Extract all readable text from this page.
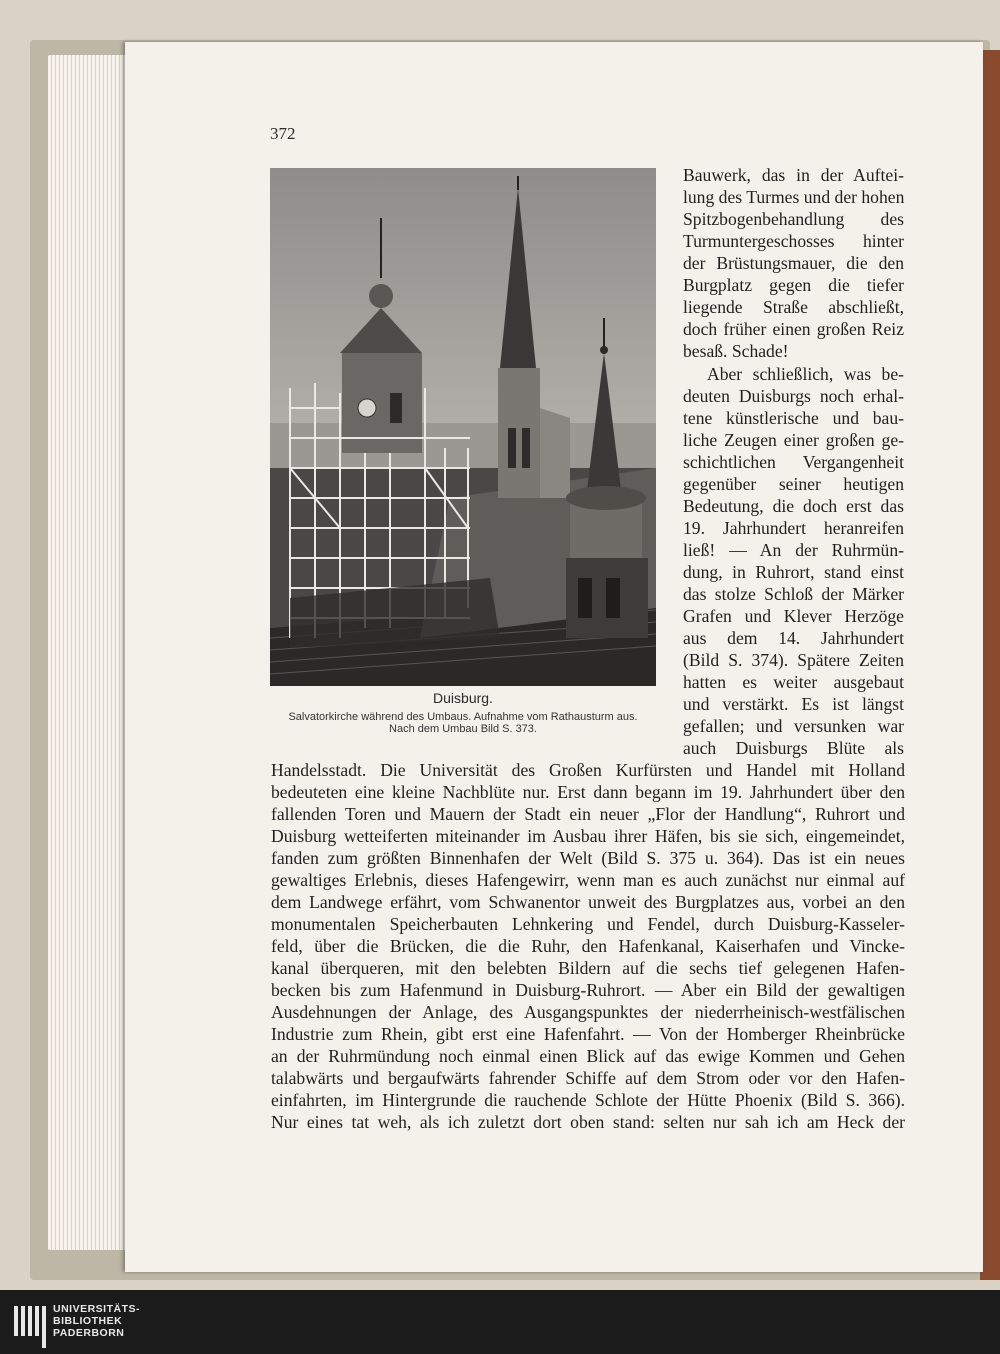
372
Duisburg.
Salvatorkirche während des Umbaus. Aufnahme vom Rathausturm aus.
Nach dem Umbau Bild S. 373.
Bauwerk, das in der Auftei-
lung des Turmes und der hohen
Spitzbogenbehandlung des
Turmuntergeschosses hinter
der Brüstungsmauer, die den
Burgplatz gegen die tiefer
liegende Straße abschließt,
doch früher einen großen Reiz
besaß. Schade!
Aber schließlich, was be-
deuten Duisburgs noch erhal-
tene künstlerische und bau-
liche Zeugen einer großen ge-
schichtlichen Vergangenheit
gegenüber seiner heutigen
Bedeutung, die doch erst das
19. Jahrhundert heranreifen
ließ! — An der Ruhrmün-
dung, in Ruhrort, stand einst
das stolze Schloß der Märker
Grafen und Klever Herzöge
aus dem 14. Jahrhundert
(Bild S. 374). Spätere Zeiten
hatten es weiter ausgebaut
und verstärkt. Es ist längst
gefallen; und versunken war
auch Duisburgs Blüte als
Handelsstadt. Die Universität des Großen Kurfürsten und Handel mit Holland
bedeuteten eine kleine Nachblüte nur. Erst dann begann im 19. Jahrhundert über den
fallenden Toren und Mauern der Stadt ein neuer „Flor der Handlung“, Ruhrort und
Duisburg wetteiferten miteinander im Ausbau ihrer Häfen, bis sie sich, eingemeindet,
fanden zum größten Binnenhafen der Welt (Bild S. 375 u. 364). Das ist ein neues
gewaltiges Erlebnis, dieses Hafengewirr, wenn man es auch zunächst nur einmal auf
dem Landwege erfährt, vom Schwanentor unweit des Burgplatzes aus, vorbei an den
monumentalen Speicherbauten Lehnkering und Fendel, durch Duisburg-Kasseler-
feld, über die Brücken, die die Ruhr, den Hafenkanal, Kaiserhafen und Vincke-
kanal überqueren, mit den belebten Bildern auf die sechs tief gelegenen Hafen-
becken bis zum Hafenmund in Duisburg-Ruhrort. — Aber ein Bild der gewaltigen
Ausdehnungen der Anlage, des Ausgangspunktes der niederrheinisch-westfälischen
Industrie zum Rhein, gibt erst eine Hafenfahrt. — Von der Homberger Rheinbrücke
an der Ruhrmündung noch einmal einen Blick auf das ewige Kommen und Gehen
talabwärts und bergaufwärts fahrender Schiffe auf dem Strom oder vor den Hafen-
einfahrten, im Hintergrunde die rauchende Schlote der Hütte Phoenix (Bild S. 366).
Nur eines tat weh, als ich zuletzt dort oben stand: selten nur sah ich am Heck der
UNIVERSITÄTS-
BIBLIOTHEK
PADERBORN
